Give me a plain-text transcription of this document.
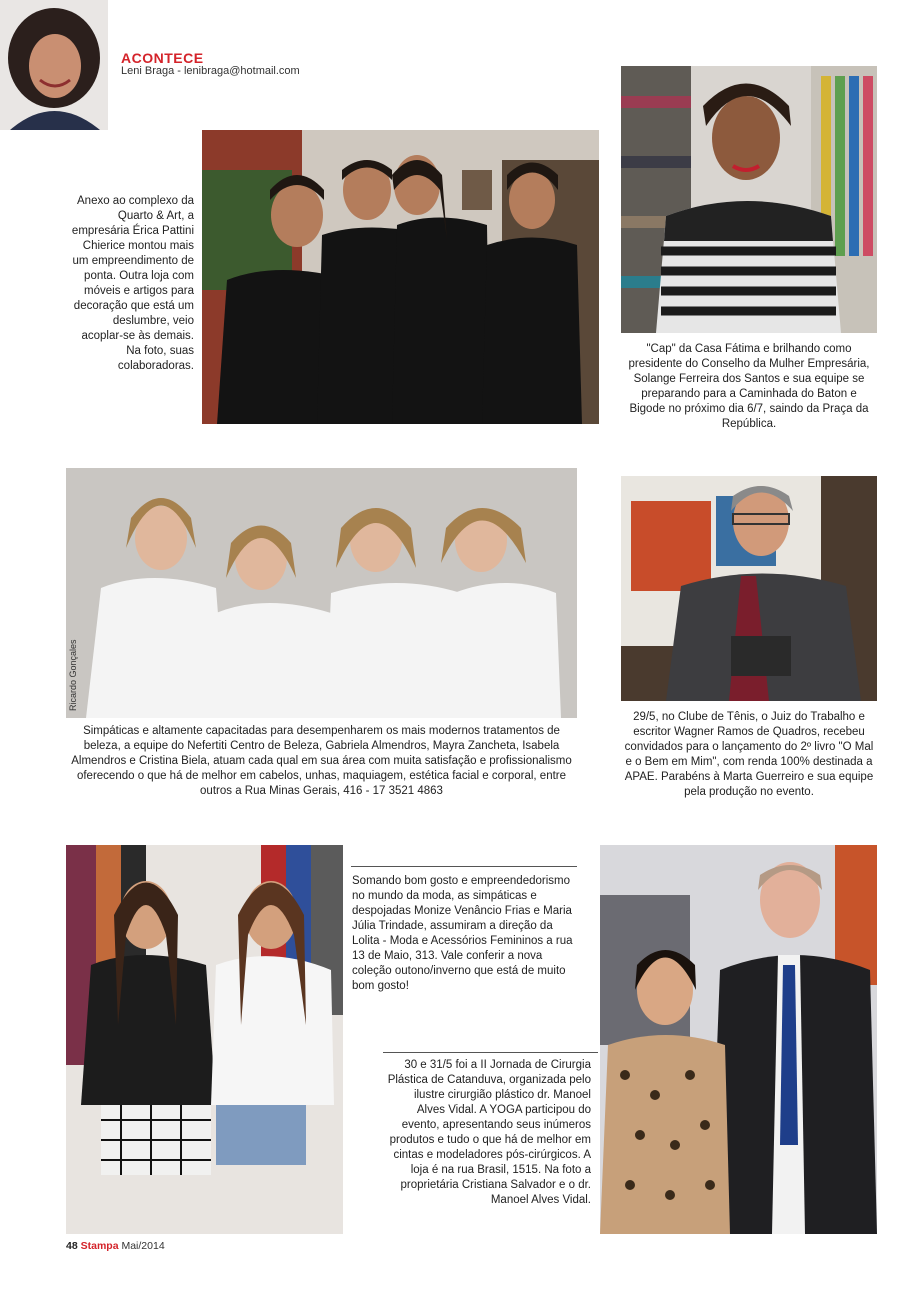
ACONTECE
Leni Braga - lenibraga@hotmail.com
Anexo ao complexo da Quarto & Art, a empresária Érica Pattini Chierice montou mais um empreendimento de ponta. Outra loja com móveis e artigos para decoração que está um deslumbre, veio acoplar-se às demais. Na foto, suas colaboradoras.
"Cap" da Casa Fátima e brilhando como presidente do Conselho da Mulher Empresária, Solange Ferreira dos Santos e sua equipe se preparando para a Caminhada do Baton e Bigode no próximo dia 6/7, saindo da Praça da República.
Ricardo Gonçales
Simpáticas e altamente capacitadas para desempenharem os mais modernos tratamentos de beleza, a equipe do Nefertiti Centro de Beleza, Gabriela Almendros, Mayra Zancheta, Isabela Almendros e Cristina Biela, atuam cada qual em sua área com muita satisfação e profissionalismo oferecendo o que há de melhor em cabelos, unhas, maquiagem, estética facial e corporal, entre outros a Rua Minas Gerais, 416 - 17 3521 4863
29/5, no Clube de Tênis, o Juiz do Trabalho e escritor Wagner Ramos de Quadros, recebeu convidados para o lançamento do 2º livro "O Mal e o Bem em Mim", com renda 100% destinada a APAE. Parabéns à Marta Guerreiro e sua equipe pela produção no evento.
Somando bom gosto e empreendedorismo no mundo da moda, as simpáticas e despojadas Monize Venâncio Frias e Maria Júlia Trindade, assumiram a direção da Lolita - Moda e Acessórios Femininos a rua 13 de Maio, 313. Vale conferir a nova coleção outono/inverno que está de muito bom gosto!
30 e 31/5 foi a II Jornada de Cirurgia Plástica de Catanduva, organizada pelo ilustre cirurgião plástico dr. Manoel Alves Vidal. A YOGA participou do evento, apresentando seus inúmeros produtos e tudo o que há de melhor em cintas e modeladores pós-cirúrgicos. A loja é na rua Brasil, 1515. Na foto a proprietária Cristiana Salvador e o dr. Manoel Alves Vidal.
48 Stampa Mai/2014
